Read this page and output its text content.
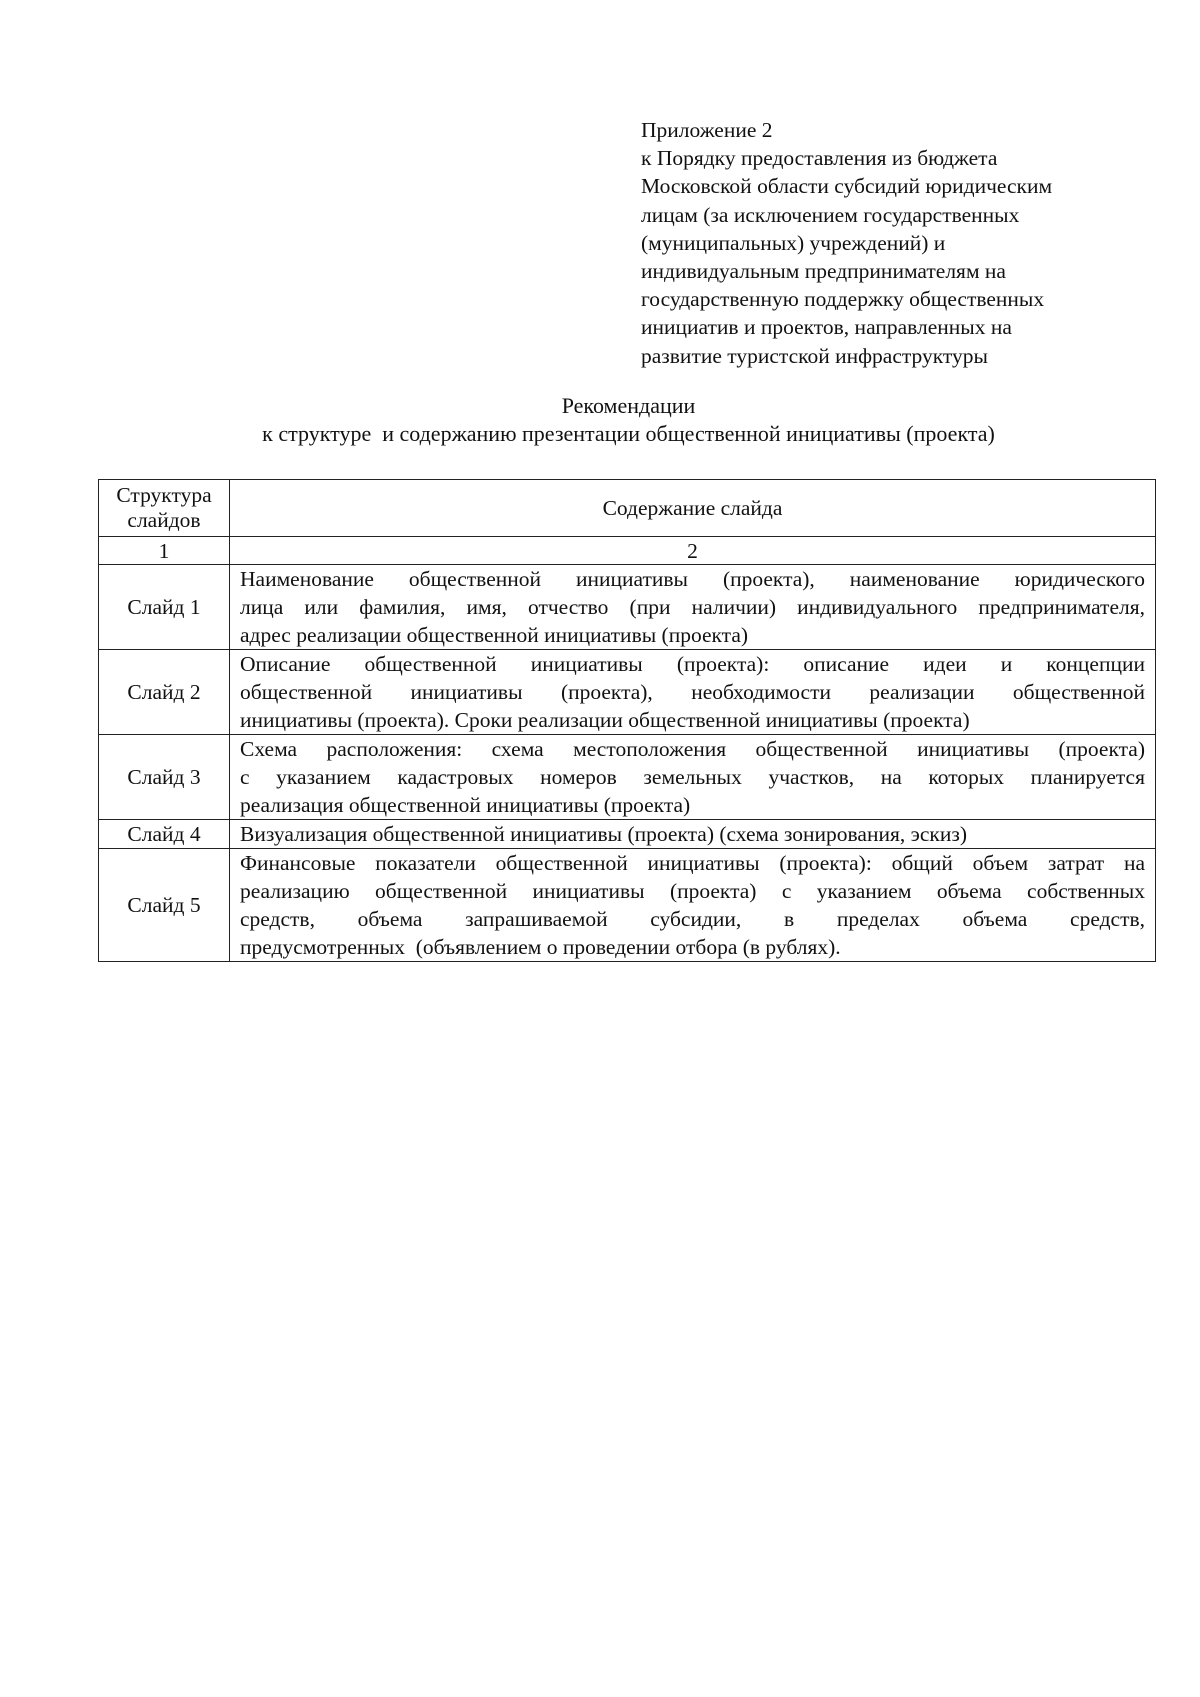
Приложение 2
к Порядку предоставления из бюджета
Московской области субсидий юридическим
лицам (за исключением государственных
(муниципальных) учреждений) и
индивидуальным предпринимателям на
государственную поддержку общественных
инициатив и проектов, направленных на
развитие туристской инфраструктуры
Рекомендации
к структуре  и содержанию презентации общественной инициативы (проекта)
Структура слайдов	Содержание слайда
1	2
Слайд 1	Наименование общественной инициативы (проекта), наименование юридического
лица или фамилия, имя, отчество (при наличии) индивидуального предпринимателя,
адрес реализации общественной инициативы (проекта)

Слайд 2	Описание общественной инициативы (проекта): описание идеи и концепции
общественной инициативы (проекта), необходимости реализации общественной
инициативы (проекта). Сроки реализации общественной инициативы (проекта)

Слайд 3	Схема расположения: схема местоположения общественной инициативы (проекта)
с указанием кадастровых номеров земельных участков, на которых планируется
реализация общественной инициативы (проекта)

Слайд 4	Визуализация общественной инициативы (проекта) (схема зонирования, эскиз)

Слайд 5	Финансовые показатели общественной инициативы (проекта): общий объем затрат на
реализацию общественной инициативы (проекта) с указанием объема собственных
средств, объема запрашиваемой субсидии, в пределах объема средств,
предусмотренных  (объявлением о проведении отбора (в рублях).
